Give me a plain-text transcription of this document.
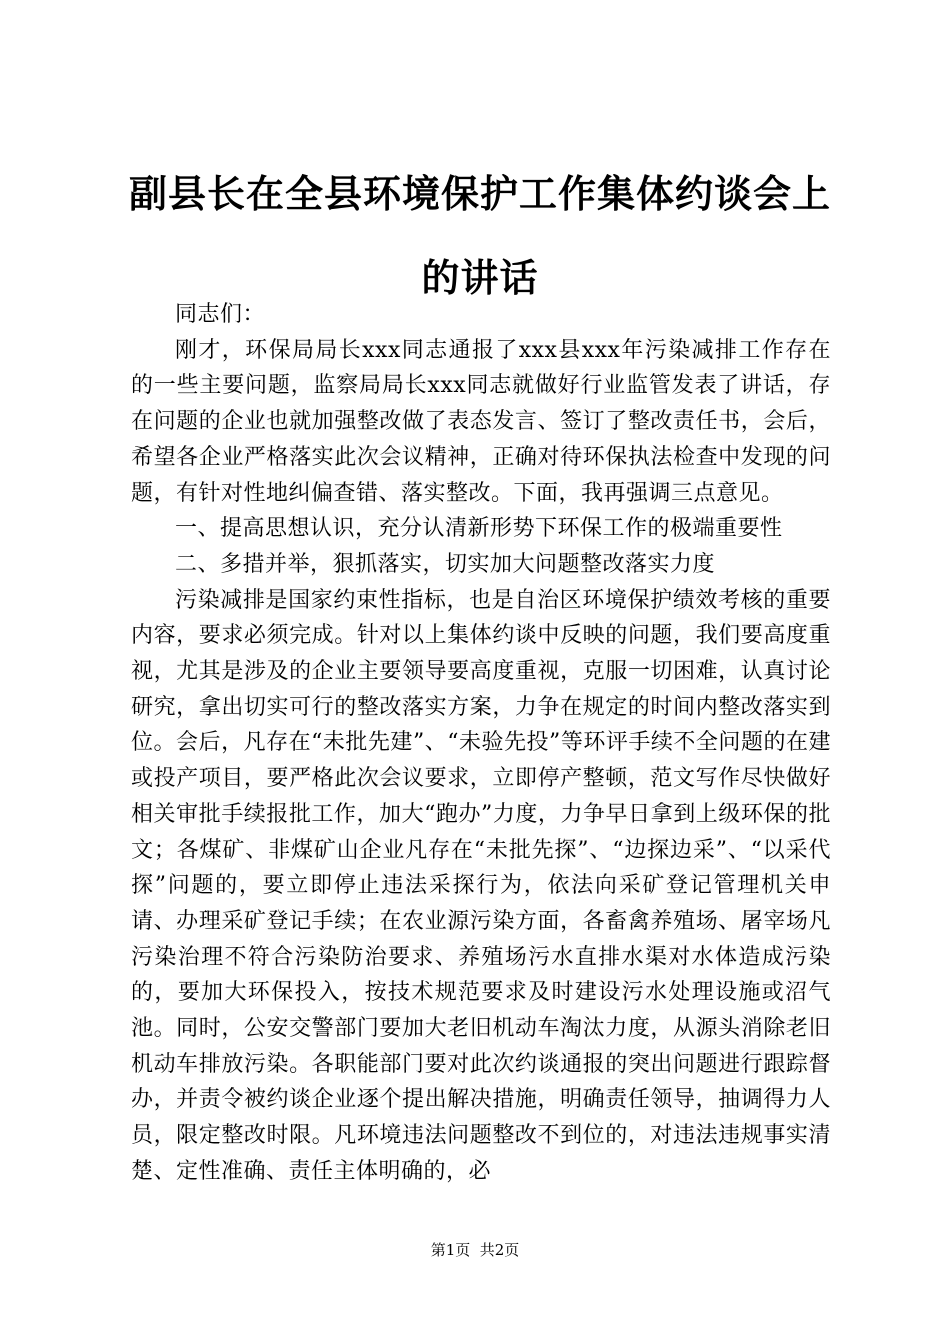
副县长在全县环境保护工作集体约谈会上的讲话

同志们：

刚才，环保局局长xxx同志通报了xxx县xxx年污染减排工作存在的一些主要问题，监察局局长xxx同志就做好行业监管发表了讲话，存在问题的企业也就加强整改做了表态发言、签订了整改责任书，会后，希望各企业严格落实此次会议精神，正确对待环保执法检查中发现的问题，有针对性地纠偏查错、落实整改。下面，我再强调三点意见。

一、提高思想认识，充分认清新形势下环保工作的极端重要性

二、多措并举，狠抓落实，切实加大问题整改落实力度

污染减排是国家约束性指标，也是自治区环境保护绩效考核的重要内容，要求必须完成。针对以上集体约谈中反映的问题，我们要高度重视，尤其是涉及的企业主要领导要高度重视，克服一切困难，认真讨论研究，拿出切实可行的整改落实方案，力争在规定的时间内整改落实到位。会后，凡存在“未批先建”、“未验先投”等环评手续不全问题的在建或投产项目，要严格此次会议要求，立即停产整顿，范文写作尽快做好相关审批手续报批工作，加大“跑办”力度，力争早日拿到上级环保的批文；各煤矿、非煤矿山企业凡存在“未批先探”、“边探边采”、“以采代探”问题的，要立即停止违法采探行为，依法向采矿登记管理机关申请、办理采矿登记手续；在农业源污染方面，各畜禽养殖场、屠宰场凡污染治理不符合污染防治要求、养殖场污水直排水渠对水体造成污染的，要加大环保投入，按技术规范要求及时建设污水处理设施或沼气池。同时，公安交警部门要加大老旧机动车淘汰力度，从源头消除老旧机动车排放污染。各职能部门要对此次约谈通报的突出问题进行跟踪督办，并责令被约谈企业逐个提出解决措施，明确责任领导，抽调得力人员，限定整改时限。凡环境违法问题整改不到位的，对违法违规事实清楚、定性准确、责任主体明确的，必

第1页  共2页
